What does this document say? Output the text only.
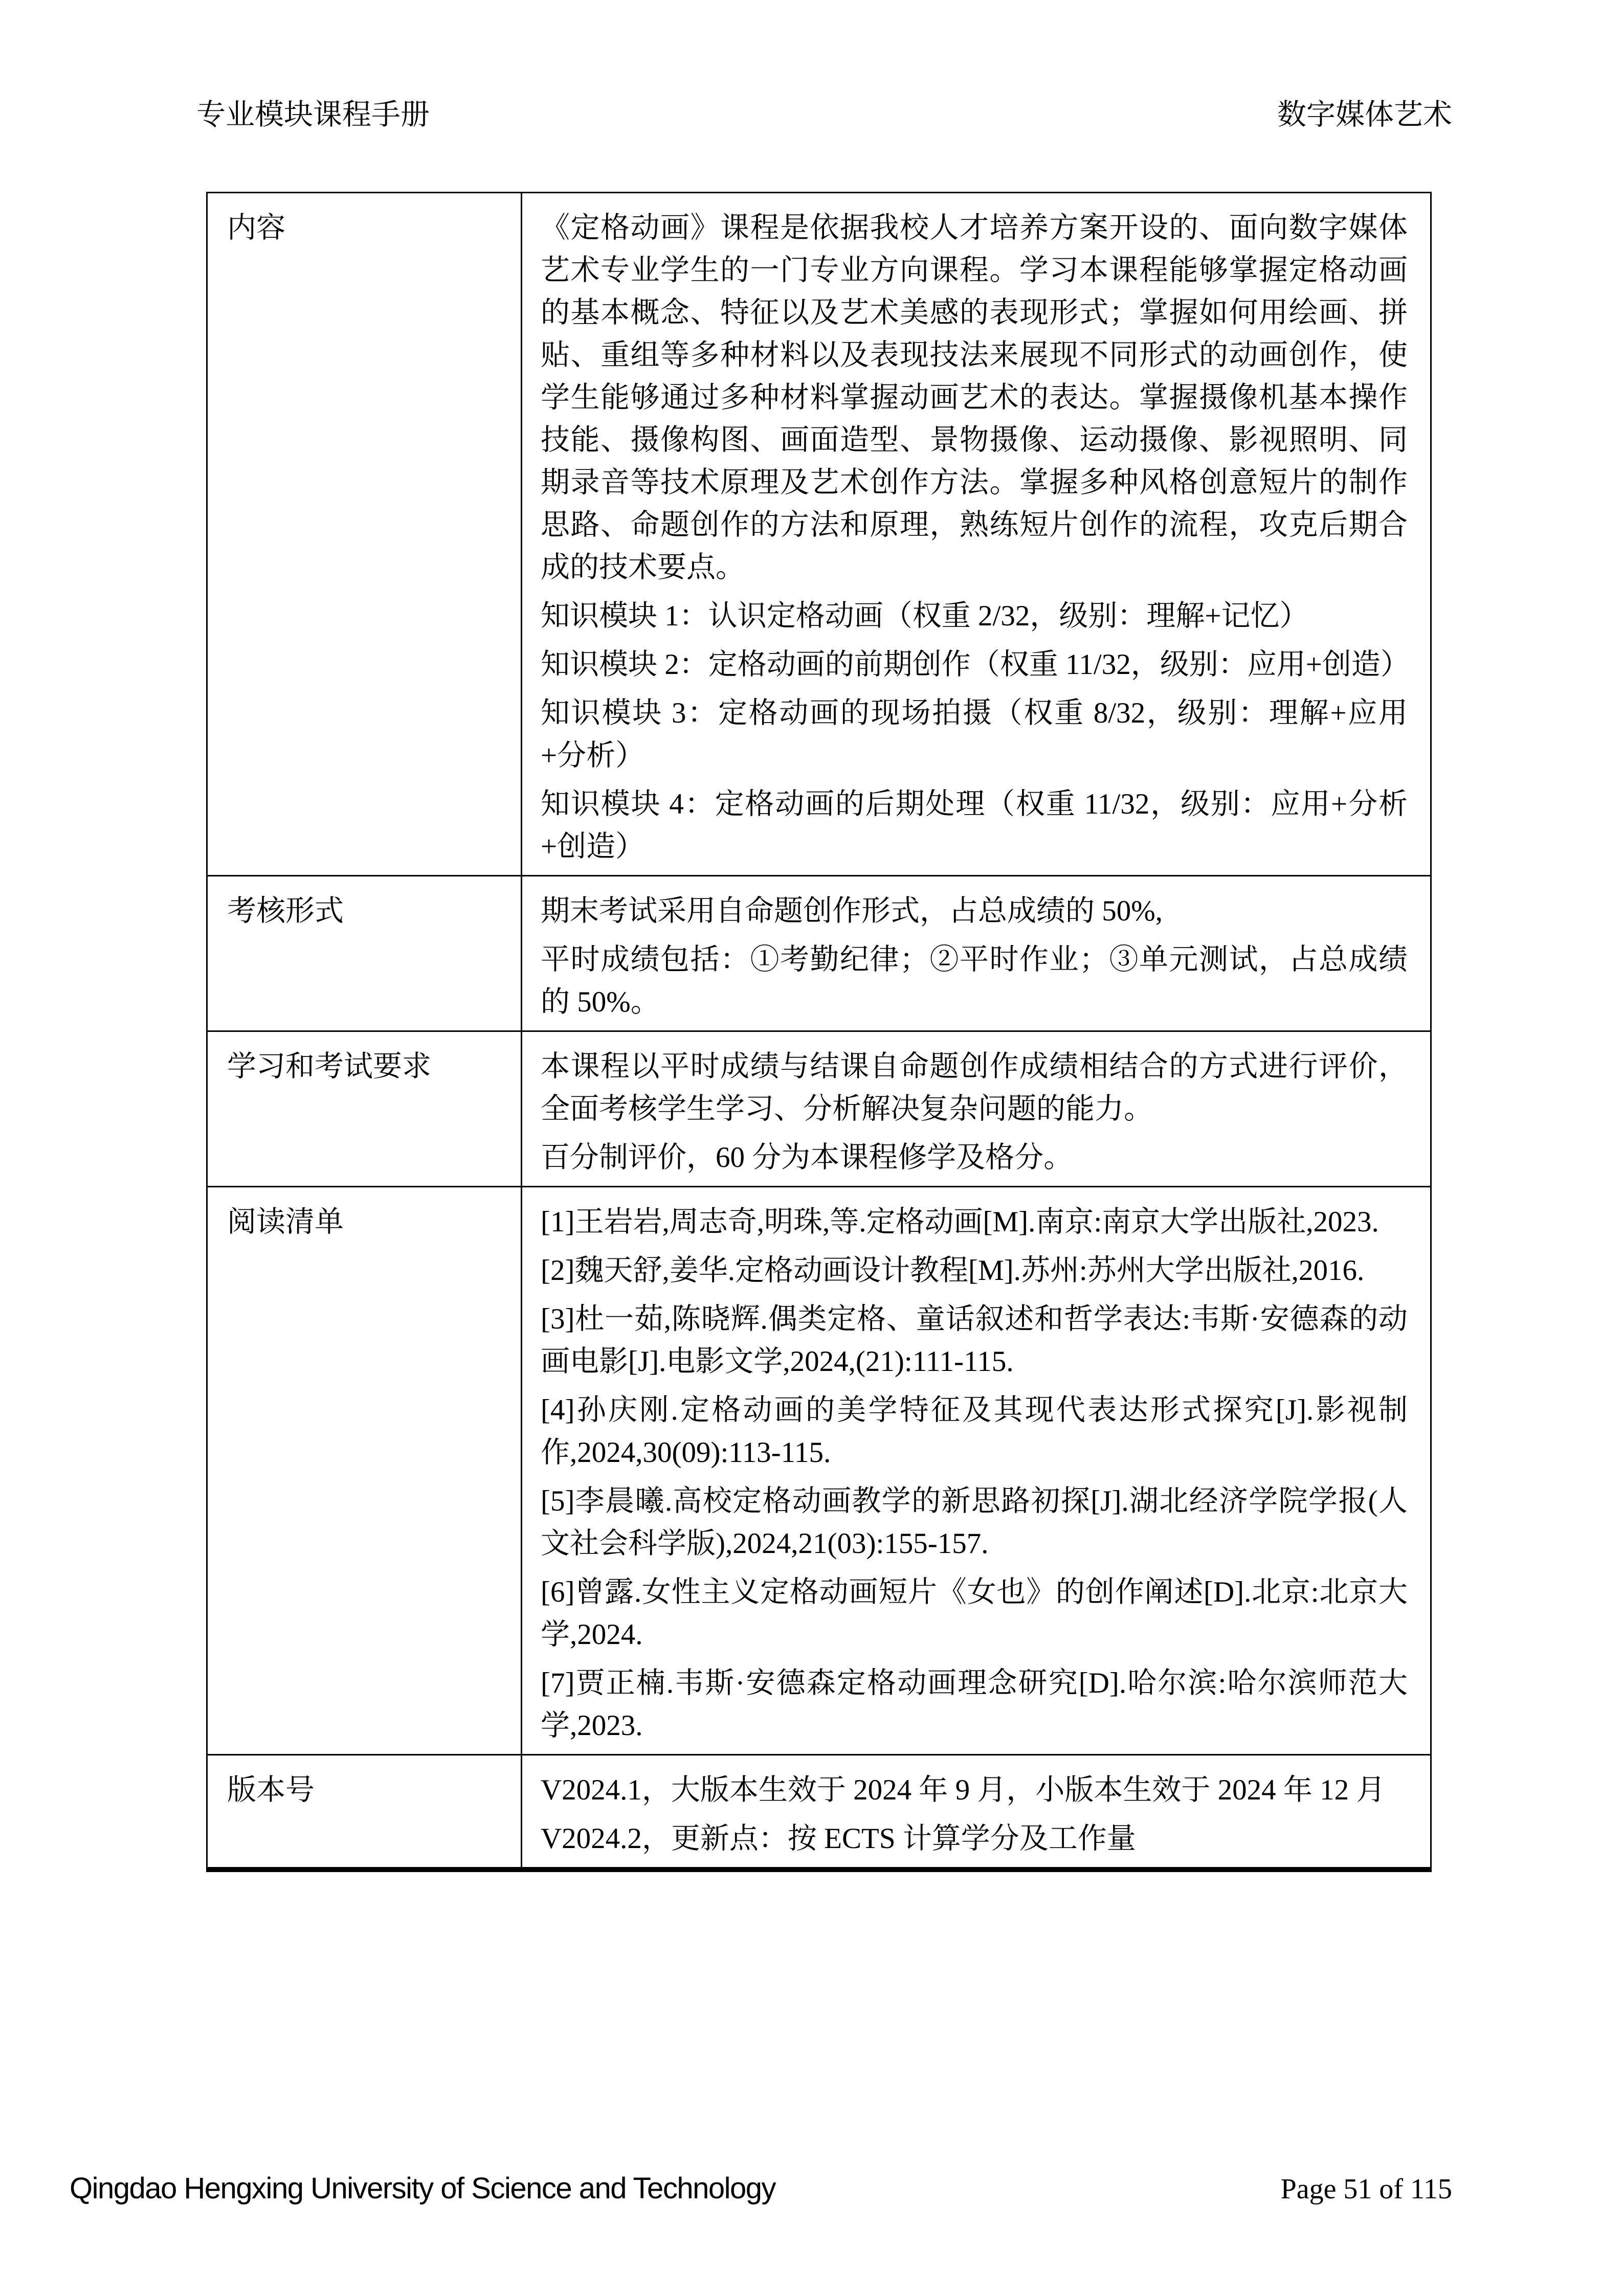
专业模块课程手册	数字媒体艺术

内容	《定格动画》课程是依据我校人才培养方案开设的、面向数字媒体艺术专业学生的一门专业方向课程。学习本课程能够掌握定格动画的基本概念、特征以及艺术美感的表现形式；掌握如何用绘画、拼贴、重组等多种材料以及表现技法来展现不同形式的动画创作，使学生能够通过多种材料掌握动画艺术的表达。掌握摄像机基本操作技能、摄像构图、画面造型、景物摄像、运动摄像、影视照明、同期录音等技术原理及艺术创作方法。掌握多种风格创意短片的制作思路、命题创作的方法和原理，熟练短片创作的流程，攻克后期合成的技术要点。

知识模块 1：认识定格动画（权重 2/32，级别：理解+记忆）

知识模块 2：定格动画的前期创作（权重 11/32，级别：应用+创造）

知识模块 3：定格动画的现场拍摄（权重 8/32，级别：理解+应用+分析）

知识模块 4：定格动画的后期处理（权重 11/32，级别：应用+分析+创造）

考核形式	期末考试采用自命题创作形式，占总成绩的 50%,

平时成绩包括：①考勤纪律；②平时作业；③单元测试，占总成绩的 50%。

学习和考试要求	本课程以平时成绩与结课自命题创作成绩相结合的方式进行评价，全面考核学生学习、分析解决复杂问题的能力。

百分制评价，60 分为本课程修学及格分。

阅读清单	[1]王岩岩,周志奇,明珠,等.定格动画[M].南京:南京大学出版社,2023.

[2]魏天舒,姜华.定格动画设计教程[M].苏州:苏州大学出版社,2016.

[3]杜一茹,陈晓辉.偶类定格、童话叙述和哲学表达:韦斯·安德森的动画电影[J].电影文学,2024,(21):111-115.

[4]孙庆刚.定格动画的美学特征及其现代表达形式探究[J].影视制作,2024,30(09):113-115.

[5]李晨曦.高校定格动画教学的新思路初探[J].湖北经济学院学报(人文社会科学版),2024,21(03):155-157.

[6]曾露.女性主义定格动画短片《女也》的创作阐述[D].北京:北京大学,2024.

[7]贾正楠.韦斯·安德森定格动画理念研究[D].哈尔滨:哈尔滨师范大学,2023.

版本号	V2024.1，大版本生效于 2024 年 9 月，小版本生效于 2024 年 12 月

V2024.2，更新点：按 ECTS 计算学分及工作量

Qingdao Hengxing University of Science and Technology	Page 51 of 115
